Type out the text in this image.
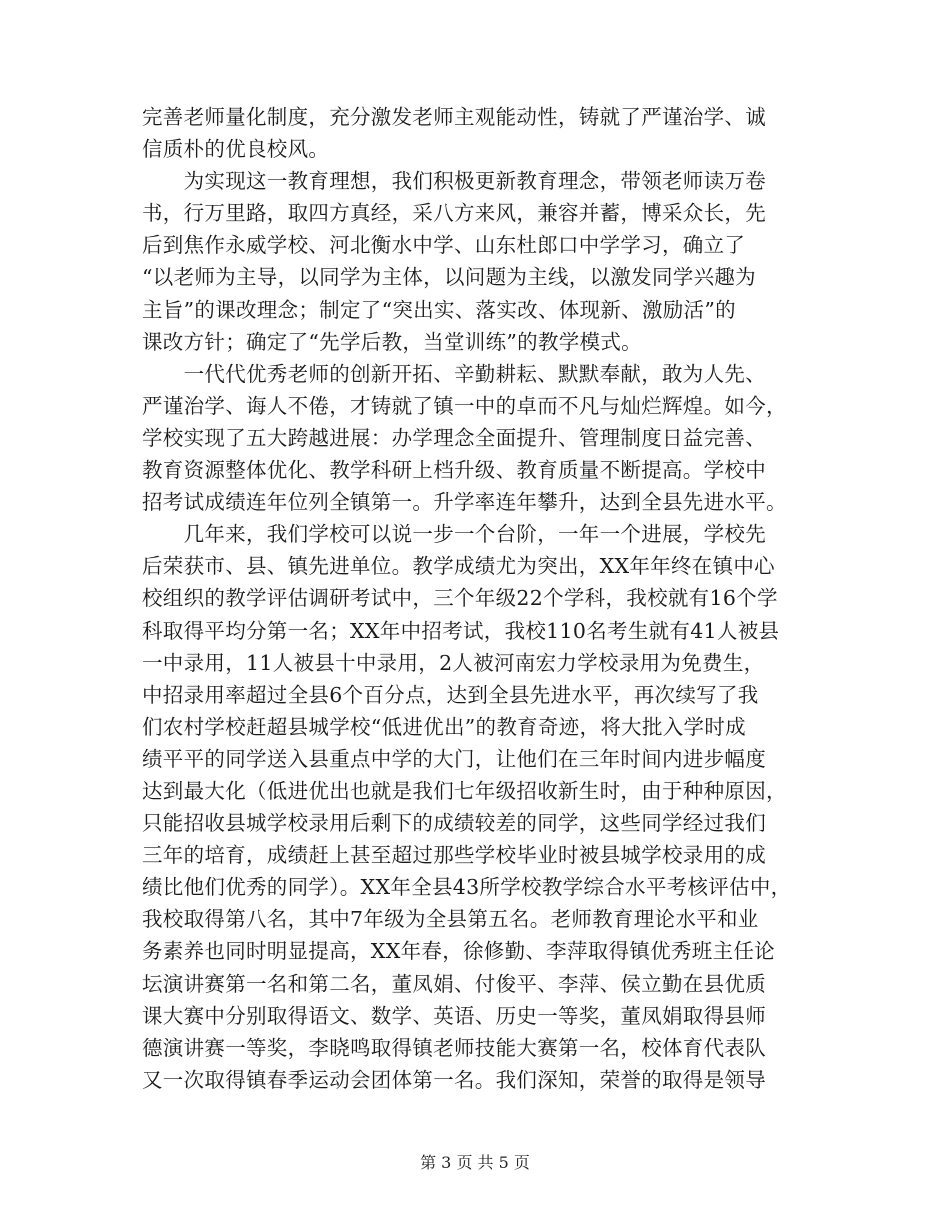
完善老师量化制度，充分激发老师主观能动性，铸就了严谨治学、诚
信质朴的优良校风。
　　为实现这一教育理想，我们积极更新教育理念，带领老师读万卷
书，行万里路，取四方真经，采八方来风，兼容并蓄，博采众长，先
后到焦作永威学校、河北衡水中学、山东杜郎口中学学习，确立了
“以老师为主导，以同学为主体，以问题为主线，以激发同学兴趣为
主旨”的课改理念；制定了“突出实、落实改、体现新、激励活”的
课改方针；确定了“先学后教，当堂训练”的教学模式。
　　一代代优秀老师的创新开拓、辛勤耕耘、默默奉献，敢为人先、
严谨治学、诲人不倦，才铸就了镇一中的卓而不凡与灿烂辉煌。如今，
学校实现了五大跨越进展：办学理念全面提升、管理制度日益完善、
教育资源整体优化、教学科研上档升级、教育质量不断提高。学校中
招考试成绩连年位列全镇第一。升学率连年攀升，达到全县先进水平。
　　几年来，我们学校可以说一步一个台阶，一年一个进展，学校先
后荣获市、县、镇先进单位。教学成绩尤为突出，XX年年终在镇中心
校组织的教学评估调研考试中，三个年级22个学科，我校就有16个学
科取得平均分第一名；XX年中招考试，我校110名考生就有41人被县
一中录用，11人被县十中录用，2人被河南宏力学校录用为免费生，
中招录用率超过全县6个百分点，达到全县先进水平，再次续写了我
们农村学校赶超县城学校“低进优出”的教育奇迹，将大批入学时成
绩平平的同学送入县重点中学的大门，让他们在三年时间内进步幅度
达到最大化（低进优出也就是我们七年级招收新生时，由于种种原因，
只能招收县城学校录用后剩下的成绩较差的同学，这些同学经过我们
三年的培育，成绩赶上甚至超过那些学校毕业时被县城学校录用的成
绩比他们优秀的同学）。XX年全县43所学校教学综合水平考核评估中，
我校取得第八名，其中7年级为全县第五名。老师教育理论水平和业
务素养也同时明显提高，XX年春，徐修勤、李萍取得镇优秀班主任论
坛演讲赛第一名和第二名，董凤娟、付俊平、李萍、侯立勤在县优质
课大赛中分别取得语文、数学、英语、历史一等奖，董凤娟取得县师
德演讲赛一等奖，李晓鸣取得镇老师技能大赛第一名，校体育代表队
又一次取得镇春季运动会团体第一名。我们深知，荣誉的取得是领导
第 3 页 共 5 页
